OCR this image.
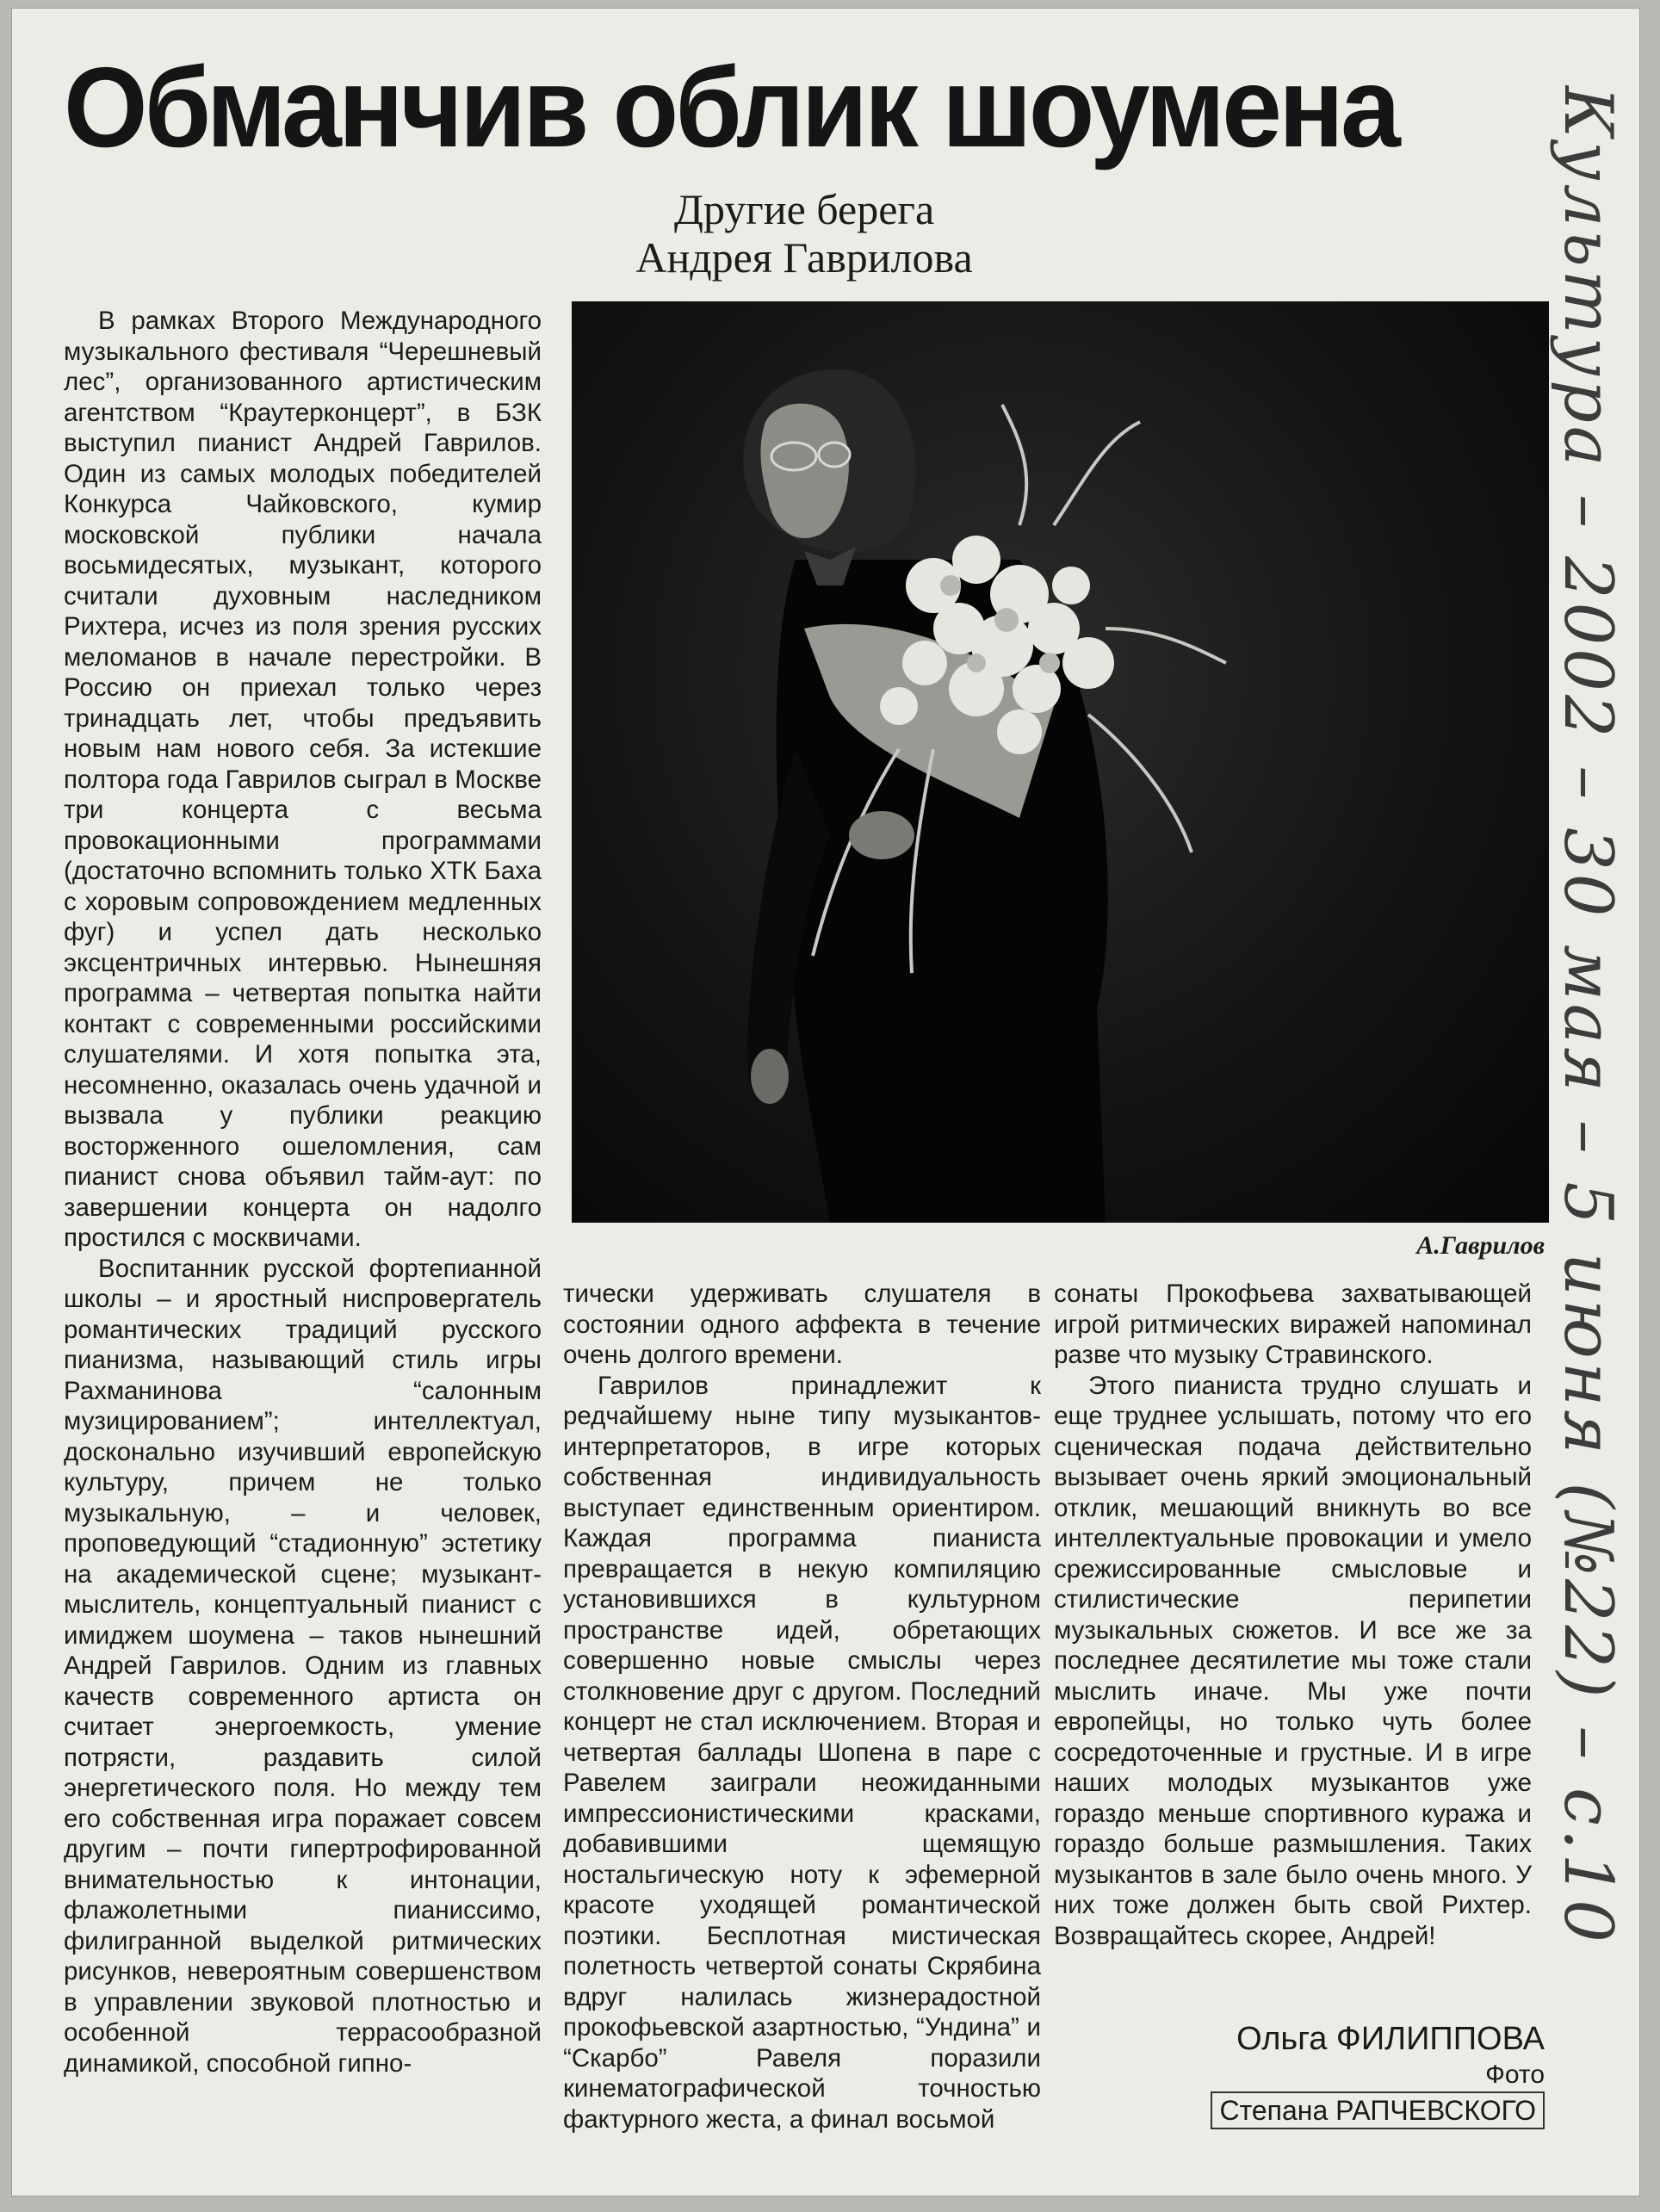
Обманчив облик шоумена
Другие берега
Андрея Гаврилова

В рамках Второго Международного музыкального фестиваля “Черешневый лес”, организованного артистическим агентством “Краутерконцерт”, в БЗК выступил пианист Андрей Гаврилов. Один из самых молодых победителей Конкурса Чайковского, кумир московской публики начала восьмидесятых, музыкант, которого считали духовным наследником Рихтера, исчез из поля зрения русских меломанов в начале перестройки. В Россию он приехал только через тринадцать лет, чтобы предъявить новым нам нового себя. За истекшие полтора года Гаврилов сыграл в Москве три концерта с весьма провокационными программами (достаточно вспомнить только ХТК Баха с хоровым сопровождением медленных фуг) и успел дать несколько эксцентричных интервью. Нынешняя программа – четвертая попытка найти контакт с современными российскими слушателями. И хотя попытка эта, несомненно, оказалась очень удачной и вызвала у публики реакцию восторженного ошеломления, сам пианист снова объявил тайм-аут: по завершении концерта он надолго простился с москвичами.

Воспитанник русской фортепианной школы – и яростный ниспровергатель романтических традиций русского пианизма, называющий стиль игры Рахманинова “салонным музицированием”; интеллектуал, досконально изучивший европейскую культуру, причем не только музыкальную, – и человек, проповедующий “стадионную” эстетику на академической сцене; музыкант-мыслитель, концептуальный пианист с имиджем шоумена – таков нынешний Андрей Гаврилов. Одним из главных качеств современного артиста он считает энергоемкость, умение потрясти, раздавить силой энергетического поля. Но между тем его собственная игра поражает совсем другим – почти гипертрофированной внимательностью к интонации, флажолетными пианиссимо, филигранной выделкой ритмических рисунков, невероятным совершенством в управлении звуковой плотностью и особенной террасообразной динамикой, способной гипно-

А.Гаврилов

тически удерживать слушателя в состоянии одного аффекта в течение очень долгого времени.

Гаврилов принадлежит к редчайшему ныне типу музыкантов-интерпретаторов, в игре которых собственная индивидуальность выступает единственным ориентиром. Каждая программа пианиста превращается в некую компиляцию установившихся в культурном пространстве идей, обретающих совершенно новые смыслы через столкновение друг с другом. Последний концерт не стал исключением. Вторая и четвертая баллады Шопена в паре с Равелем заиграли неожиданными импрессионистическими красками, добавившими щемящую ностальгическую ноту к эфемерной красоте уходящей романтической поэтики. Бесплотная мистическая полетность четвертой сонаты Скрябина вдруг налилась жизнерадостной прокофьевской азартностью, “Ундина” и “Скарбо” Равеля поразили кинематографической точностью фактурного жеста, а финал восьмой

сонаты Прокофьева захватывающей игрой ритмических виражей напоминал разве что музыку Стравинского.

Этого пианиста трудно слушать и еще труднее услышать, потому что его сценическая подача действительно вызывает очень яркий эмоциональный отклик, мешающий вникнуть во все интеллектуальные провокации и умело срежиссированные смысловые и стилистические перипетии музыкальных сюжетов. И все же за последнее десятилетие мы тоже стали мыслить иначе. Мы уже почти европейцы, но только чуть более сосредоточенные и грустные. И в игре наших молодых музыкантов уже гораздо меньше спортивного куража и гораздо больше размышления. Таких музыкантов в зале было очень много. У них тоже должен быть свой Рихтер. Возвращайтесь скорее, Андрей!

Ольга ФИЛИППОВА
Фото
Степана РАПЧЕВСКОГО
Культура – 2002 – 30 мая – 5 июня (№22) – с.10
